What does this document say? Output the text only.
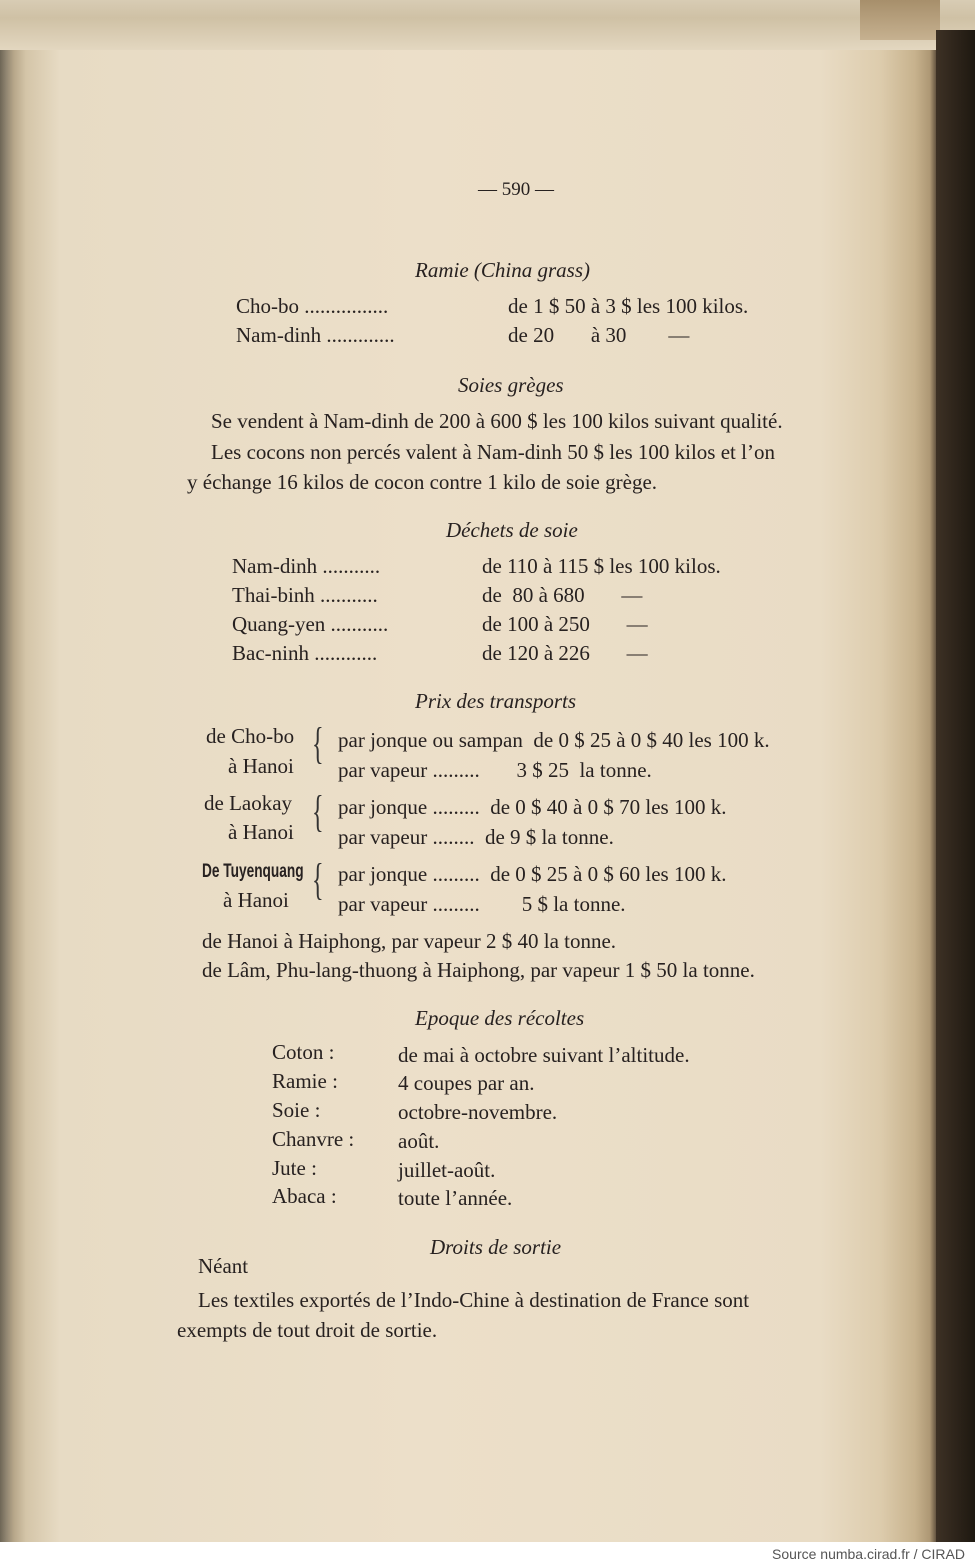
— 590 —
Ramie (China grass)
Cho-bo ................	de 1 $ 50 à 3 $ les 100 kilos.
Nam-dinh .............	de 20       à 30        —
Soies grèges
Se vendent à Nam-dinh de 200 à 600 $ les 100 kilos suivant qualité.
Les cocons non percés valent à Nam-dinh 50 $ les 100 kilos et l’on
y échange 16 kilos de cocon contre 1 kilo de soie grège.
Déchets de soie
Nam-dinh ...........	de 110 à 115 $ les 100 kilos.
Thai-binh ...........	de  80 à 680       —
Quang-yen ...........	de 100 à 250       —
Bac-ninh ............	de 120 à 226       —
Prix des transports
de Cho-bo
à Hanoi { par jonque ou sampan  de 0 $ 25 à 0 $ 40 les 100 k.
par vapeur .........       3 $ 25  la tonne.
de Laokay
à Hanoi { par jonque .........  de 0 $ 40 à 0 $ 70 les 100 k.
par vapeur ........  de 9 $ la tonne.
De Tuyenquang
à Hanoi { par jonque .........  de 0 $ 25 à 0 $ 60 les 100 k.
par vapeur .........        5 $ la tonne.
de Hanoi à Haiphong, par vapeur 2 $ 40 la tonne.
de Lâm, Phu-lang-thuong à Haiphong, par vapeur 1 $ 50 la tonne.
Epoque des récoltes
Coton :	de mai à octobre suivant l’altitude.
Ramie :	4 coupes par an.
Soie :	octobre-novembre.
Chanvre : août.
Jute :	juillet-août.
Abaca :	toute l’année.
Droits de sortie
Néant
Les textiles exportés de l’Indo-Chine à destination de France sont
exempts de tout droit de sortie.
Source numba.cirad.fr / CIRAD
